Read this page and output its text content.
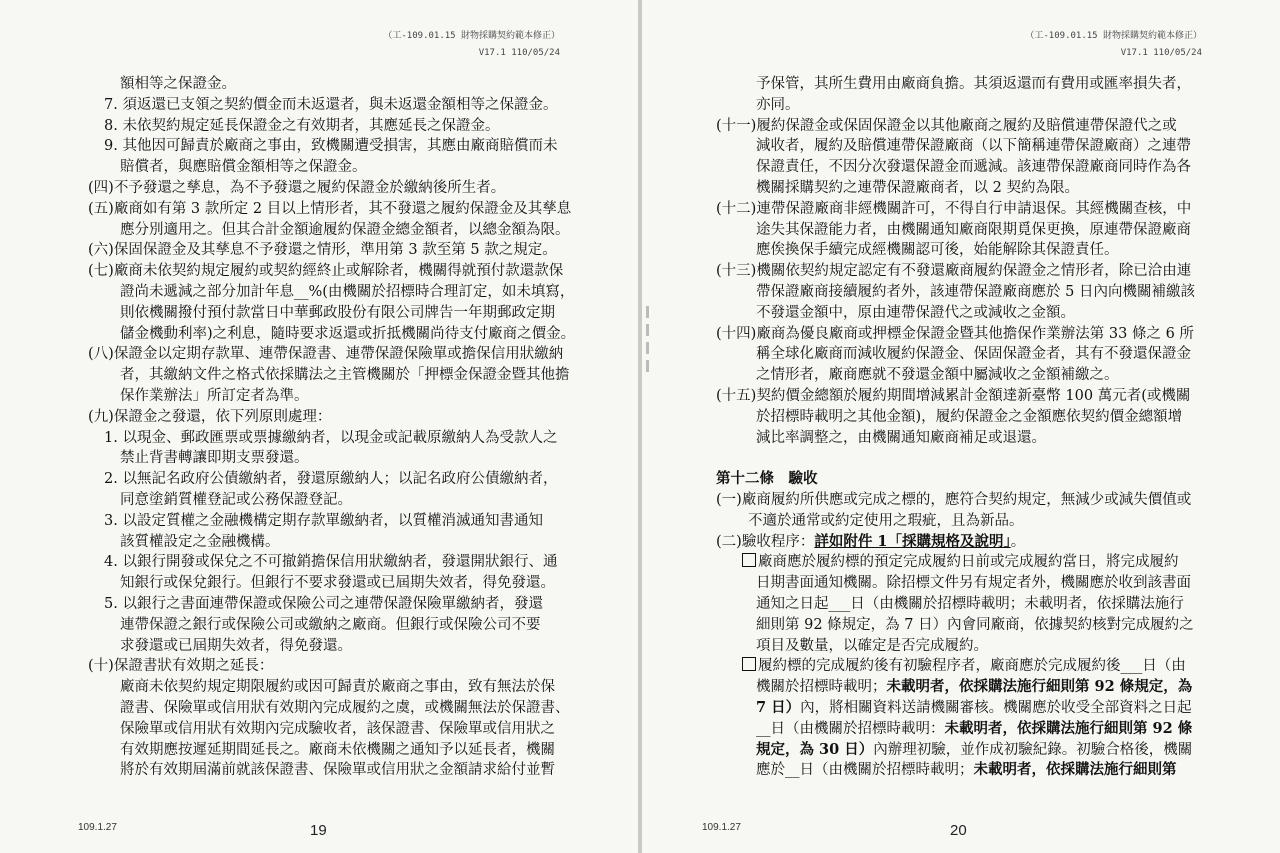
（工-109.01.15 財物採購契約範本修正）
V17.1 110/05/24
額相等之保證金。
7. 須返還已支領之契約價金而未返還者，與未返還金額相等之保證金。
8. 未依契約規定延長保證金之有效期者，其應延長之保證金。
9. 其他因可歸責於廠商之事由，致機關遭受損害，其應由廠商賠償而未
賠償者，與應賠償金額相等之保證金。
(四)不予發還之孳息，為不予發還之履約保證金於繳納後所生者。
(五)廠商如有第 3 款所定 2 目以上情形者，其不發還之履約保證金及其孳息
應分別適用之。但其合計金額逾履約保證金總金額者，以總金額為限。
(六)保固保證金及其孳息不予發還之情形，準用第 3 款至第 5 款之規定。
(七)廠商未依契約規定履約或契約經終止或解除者，機關得就預付款還款保
證尚未遞減之部分加計年息__%(由機關於招標時合理訂定，如未填寫，
則依機關撥付預付款當日中華郵政股份有限公司牌告一年期郵政定期
儲金機動利率)之利息，隨時要求返還或折抵機關尚待支付廠商之價金。
(八)保證金以定期存款單、連帶保證書、連帶保證保險單或擔保信用狀繳納
者，其繳納文件之格式依採購法之主管機關於「押標金保證金暨其他擔
保作業辦法」所訂定者為準。
(九)保證金之發還，依下列原則處理：
1. 以現金、郵政匯票或票據繳納者，以現金或記載原繳納人為受款人之
禁止背書轉讓即期支票發還。
2. 以無記名政府公債繳納者，發還原繳納人；以記名政府公債繳納者，
同意塗銷質權登記或公務保證登記。
3. 以設定質權之金融機構定期存款單繳納者，以質權消滅通知書通知
該質權設定之金融機構。
4. 以銀行開發或保兌之不可撤銷擔保信用狀繳納者，發還開狀銀行、通
知銀行或保兌銀行。但銀行不要求發還或已屆期失效者，得免發還。
5. 以銀行之書面連帶保證或保險公司之連帶保證保險單繳納者，發還
連帶保證之銀行或保險公司或繳納之廠商。但銀行或保險公司不要
求發還或已屆期失效者，得免發還。
(十)保證書狀有效期之延長：
廠商未依契約規定期限履約或因可歸責於廠商之事由，致有無法於保
證書、保險單或信用狀有效期內完成履約之虞，或機關無法於保證書、
保險單或信用狀有效期內完成驗收者，該保證書、保險單或信用狀之
有效期應按遲延期間延長之。廠商未依機關之通知予以延長者，機關
將於有效期屆滿前就該保證書、保險單或信用狀之金額請求給付並暫
109.1.27	19
（工-109.01.15 財物採購契約範本修正）
V17.1 110/05/24
予保管，其所生費用由廠商負擔。其須返還而有費用或匯率損失者，
亦同。
(十一)履約保證金或保固保證金以其他廠商之履約及賠償連帶保證代之或
減收者，履約及賠償連帶保證廠商（以下簡稱連帶保證廠商）之連帶
保證責任，不因分次發還保證金而遞減。該連帶保證廠商同時作為各
機關採購契約之連帶保證廠商者，以 2 契約為限。
(十二)連帶保證廠商非經機關許可，不得自行申請退保。其經機關查核，中
途失其保證能力者，由機關通知廠商限期覓保更換，原連帶保證廠商
應俟換保手續完成經機關認可後，始能解除其保證責任。
(十三)機關依契約規定認定有不發還廠商履約保證金之情形者，除已洽由連
帶保證廠商接續履約者外，該連帶保證廠商應於 5 日內向機關補繳該
不發還金額中，原由連帶保證代之或減收之金額。
(十四)廠商為優良廠商或押標金保證金暨其他擔保作業辦法第 33 條之 6 所
稱全球化廠商而減收履約保證金、保固保證金者，其有不發還保證金
之情形者，廠商應就不發還金額中屬減收之金額補繳之。
(十五)契約價金總額於履約期間增減累計金額達新臺幣 100 萬元者(或機關
於招標時載明之其他金額)，履約保證金之金額應依契約價金總額增
減比率調整之，由機關通知廠商補足或退還。
第十二條　驗收
(一)廠商履約所供應或完成之標的，應符合契約規定，無減少或減失價值或
不適於通常或約定使用之瑕疵，且為新品。
(二)驗收程序：詳如附件 1「採購規格及說明」。
廠商應於履約標的預定完成履約日前或完成履約當日，將完成履約
日期書面通知機關。除招標文件另有規定者外，機關應於收到該書面
通知之日起___日（由機關於招標時載明；未載明者，依採購法施行
細則第 92 條規定，為 7 日）內會同廠商，依據契約核對完成履約之
項目及數量，以確定是否完成履約。
履約標的完成履約後有初驗程序者，廠商應於完成履約後___日（由
機關於招標時載明；未載明者，依採購法施行細則第 92 條規定，為
7 日）內，將相關資料送請機關審核。機關應於收受全部資料之日起
__日（由機關於招標時載明：未載明者，依採購法施行細則第 92 條
規定，為 30 日）內辦理初驗，並作成初驗紀錄。初驗合格後，機關
應於__日（由機關於招標時載明；未載明者，依採購法施行細則第
109.1.27	20
